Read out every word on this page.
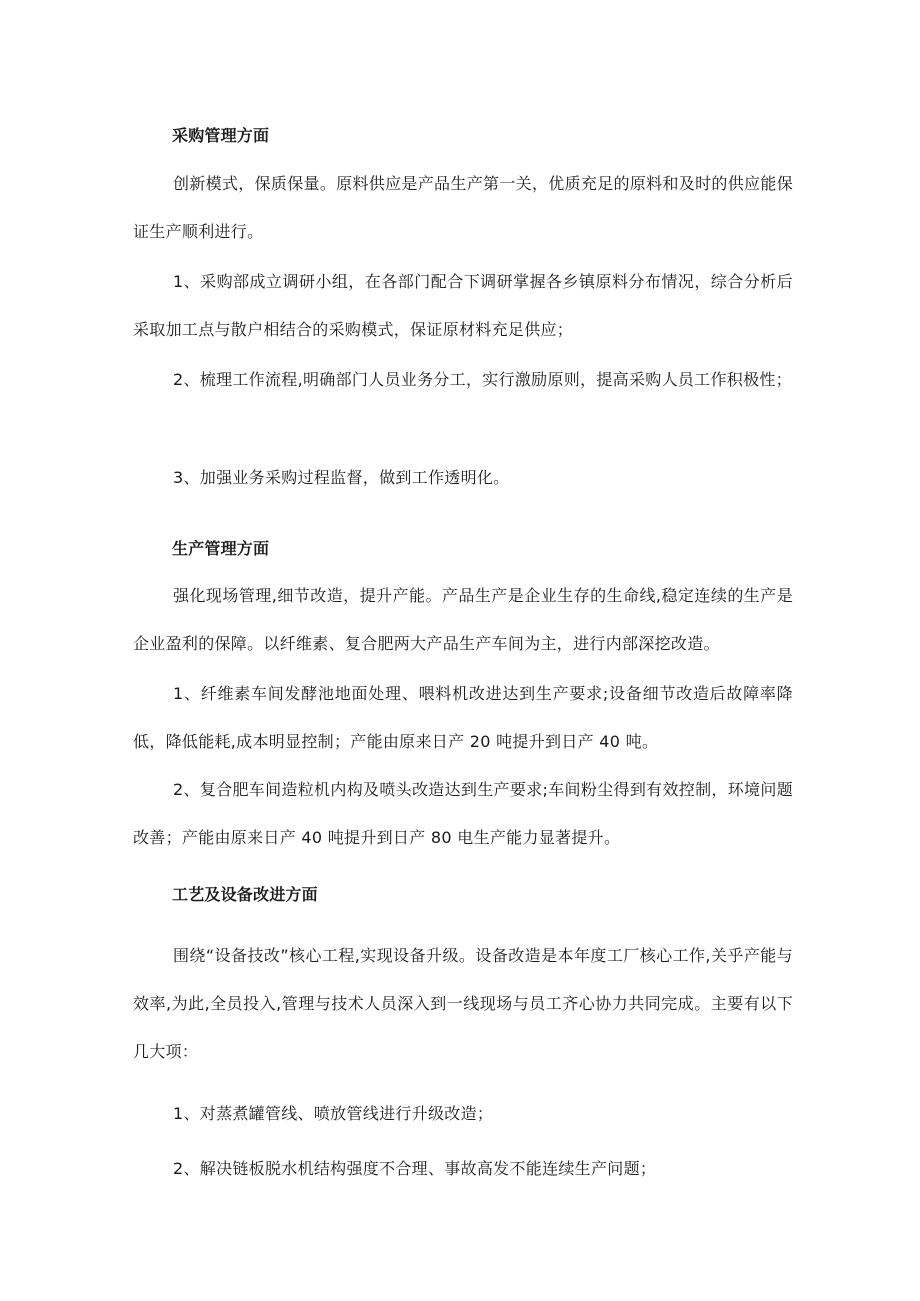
采购管理方面

创新模式，保质保量。原料供应是产品生产第一关，优质充足的原料和及时的供应能保证生产顺利进行。

1、采购部成立调研小组，在各部门配合下调研掌握各乡镇原料分布情况，综合分析后采取加工点与散户相结合的采购模式，保证原材料充足供应；

2、梳理工作流程,明确部门人员业务分工，实行激励原则，提高采购人员工作积极性；

3、加强业务采购过程监督，做到工作透明化。

生产管理方面

强化现场管理,细节改造，提升产能。产品生产是企业生存的生命线,稳定连续的生产是企业盈利的保障。以纤维素、复合肥两大产品生产车间为主，进行内部深挖改造。

1、纤维素车间发酵池地面处理、喂料机改进达到生产要求;设备细节改造后故障率降低，降低能耗,成本明显控制；产能由原来日产 20 吨提升到日产 40 吨。

2、复合肥车间造粒机内构及喷头改造达到生产要求;车间粉尘得到有效控制，环境问题改善；产能由原来日产 40 吨提升到日产 80 电生产能力显著提升。

工艺及设备改进方面

围绕“设备技改”核心工程,实现设备升级。设备改造是本年度工厂核心工作,关乎产能与效率,为此,全员投入,管理与技术人员深入到一线现场与员工齐心协力共同完成。主要有以下几大项：

1、对蒸煮罐管线、喷放管线进行升级改造；

2、解决链板脱水机结构强度不合理、事故高发不能连续生产问题；
